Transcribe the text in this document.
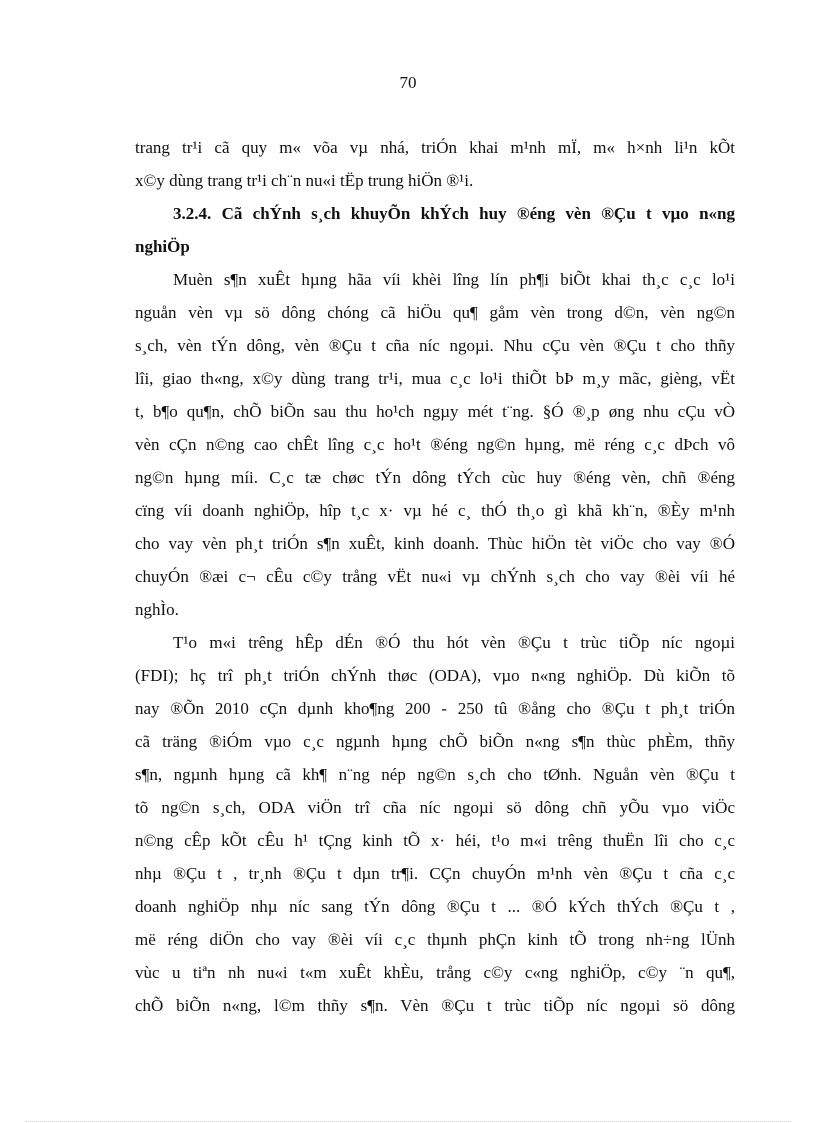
70
trang tr¹i cã quy m« võa vµ nhá, triÓn khai m¹nh mÏ, m« h×nh li¹n kÕt
x©y dùng trang tr¹i ch¨n nu«i tËp trung hiÖn ®¹i.
3.2.4. Cã chÝnh s¸ch khuyÕn khÝch huy ®éng vèn ®Çu t vµo n«ng
nghiÖp
Muèn s¶n xuÊt hµng hãa víi khèi lîng lín ph¶i biÕt khai th¸c c¸c lo¹i
nguån vèn vµ sö dông chóng cã hiÖu qu¶ gåm vèn trong d©n, vèn ng©n
s¸ch, vèn tÝn dông, vèn ®Çu t cña níc ngoµi. Nhu cÇu vèn ®Çu t cho thñy
lîi, giao th«ng, x©y dùng trang tr¹i, mua c¸c lo¹i thiÕt bÞ m¸y mãc, gièng, vËt
t, b¶o qu¶n, chÕ biÕn sau thu ho¹ch ngµy mét t¨ng. §Ó ®¸p øng nhu cÇu vÒ
vèn cÇn n©ng cao chÊt lîng c¸c ho¹t ®éng ng©n hµng, më réng c¸c dÞch vô
ng©n hµng míi. C¸c tæ chøc tÝn dông tÝch cùc huy ®éng vèn, chñ ®éng
cïng víi doanh nghiÖp, hîp t¸c x· vµ hé c¸ thÓ th¸o gì khã kh¨n, ®Èy m¹nh
cho vay vèn ph¸t triÓn s¶n xuÊt, kinh doanh. Thùc hiÖn tèt viÖc cho vay ®Ó
chuyÓn ®æi c¬ cÊu c©y trång vËt nu«i vµ chÝnh s¸ch cho vay ®èi víi hé
nghÌo.
T¹o m«i trêng hÊp dÉn ®Ó thu hót vèn ®Çu t trùc tiÕp níc ngoµi
(FDI); hç trî ph¸t triÓn chÝnh thøc (ODA), vµo n«ng nghiÖp. Dù kiÕn tõ
nay ®Õn 2010 cÇn dµnh kho¶ng 200 - 250 tû ®ång cho ®Çu t ph¸t triÓn
cã träng ®iÓm vµo c¸c ngµnh hµng chÕ biÕn n«ng s¶n thùc phÈm, thñy
s¶n, ngµnh hµng cã kh¶ n¨ng nép ng©n s¸ch cho tØnh. Nguån vèn ®Çu t
tõ ng©n s¸ch, ODA viÖn trî cña níc ngoµi sö dông chñ yÕu vµo viÖc
n©ng cÊp kÕt cÊu h¹ tÇng kinh tÕ x· héi, t¹o m«i trêng thuËn lîi cho c¸c
nhµ ®Çu t , tr¸nh ®Çu t dµn tr¶i. CÇn chuyÓn m¹nh vèn ®Çu t cña c¸c
doanh nghiÖp nhµ níc sang tÝn dông ®Çu t ... ®Ó kÝch thÝch ®Çu t ,
më réng diÖn cho vay ®èi víi c¸c thµnh phÇn kinh tÕ trong nh÷ng lÜnh
vùc u tiªn nh nu«i t«m xuÊt khÈu, trång c©y c«ng nghiÖp, c©y ¨n qu¶,
chÕ biÕn n«ng, l©m thñy s¶n. Vèn ®Çu t trùc tiÕp níc ngoµi sö dông
